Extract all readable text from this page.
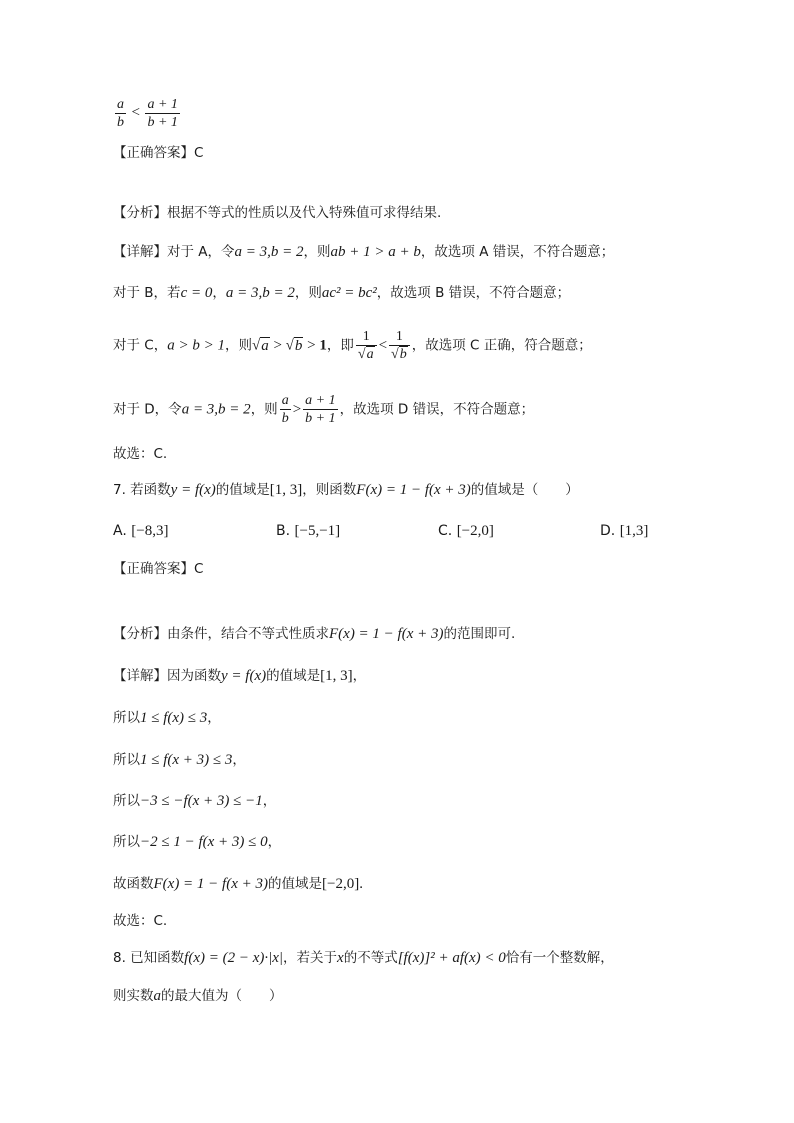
$\frac{a}{b} < \frac{a + 1}{b + 1}$
【正确答案】C
【分析】根据不等式的性质以及代入特殊值可求得结果.
【详解】对于 A，令a = 3,b = 2，则ab + 1 > a + b，故选项 A 错误，不符合题意；
对于 B，若c = 0，a = 3,b = 2，则ac² = bc²，故选项 B 错误，不符合题意；
对于 C，a > b > 1，则√a > √b > 1，即 $\frac{1}{√a} < \frac{1}{√b}$ ，故选项 C 正确，符合题意；
对于 D，令a = 3,b = 2，则 $\frac{a}{b} > \frac{a + 1}{b + 1}$ ，故选项 D 错误，不符合题意；
故选：C.
7. 若函数y = f(x)的值域是[1, 3]，则函数F(x) = 1 − f(x + 3)的值域是（　　）
A. [−8,3]	B. [−5,−1]	C. [−2,0]	D. [1,3]
【正确答案】C
【分析】由条件，结合不等式性质求F(x) = 1 − f(x + 3)的范围即可.
【详解】因为函数y = f(x)的值域是[1, 3]，
所以1 ≤ f(x) ≤ 3，
所以1 ≤ f(x + 3) ≤ 3，
所以−3 ≤ −f(x + 3) ≤ −1，
所以−2 ≤ 1 − f(x + 3) ≤ 0，
故函数F(x) = 1 − f(x + 3)的值域是[−2,0].
故选：C.
8. 已知函数f(x) = (2 − x)·|x|，若关于x的不等式[f(x)]² + af(x) < 0恰有一个整数解，
则实数a的最大值为（　　）
